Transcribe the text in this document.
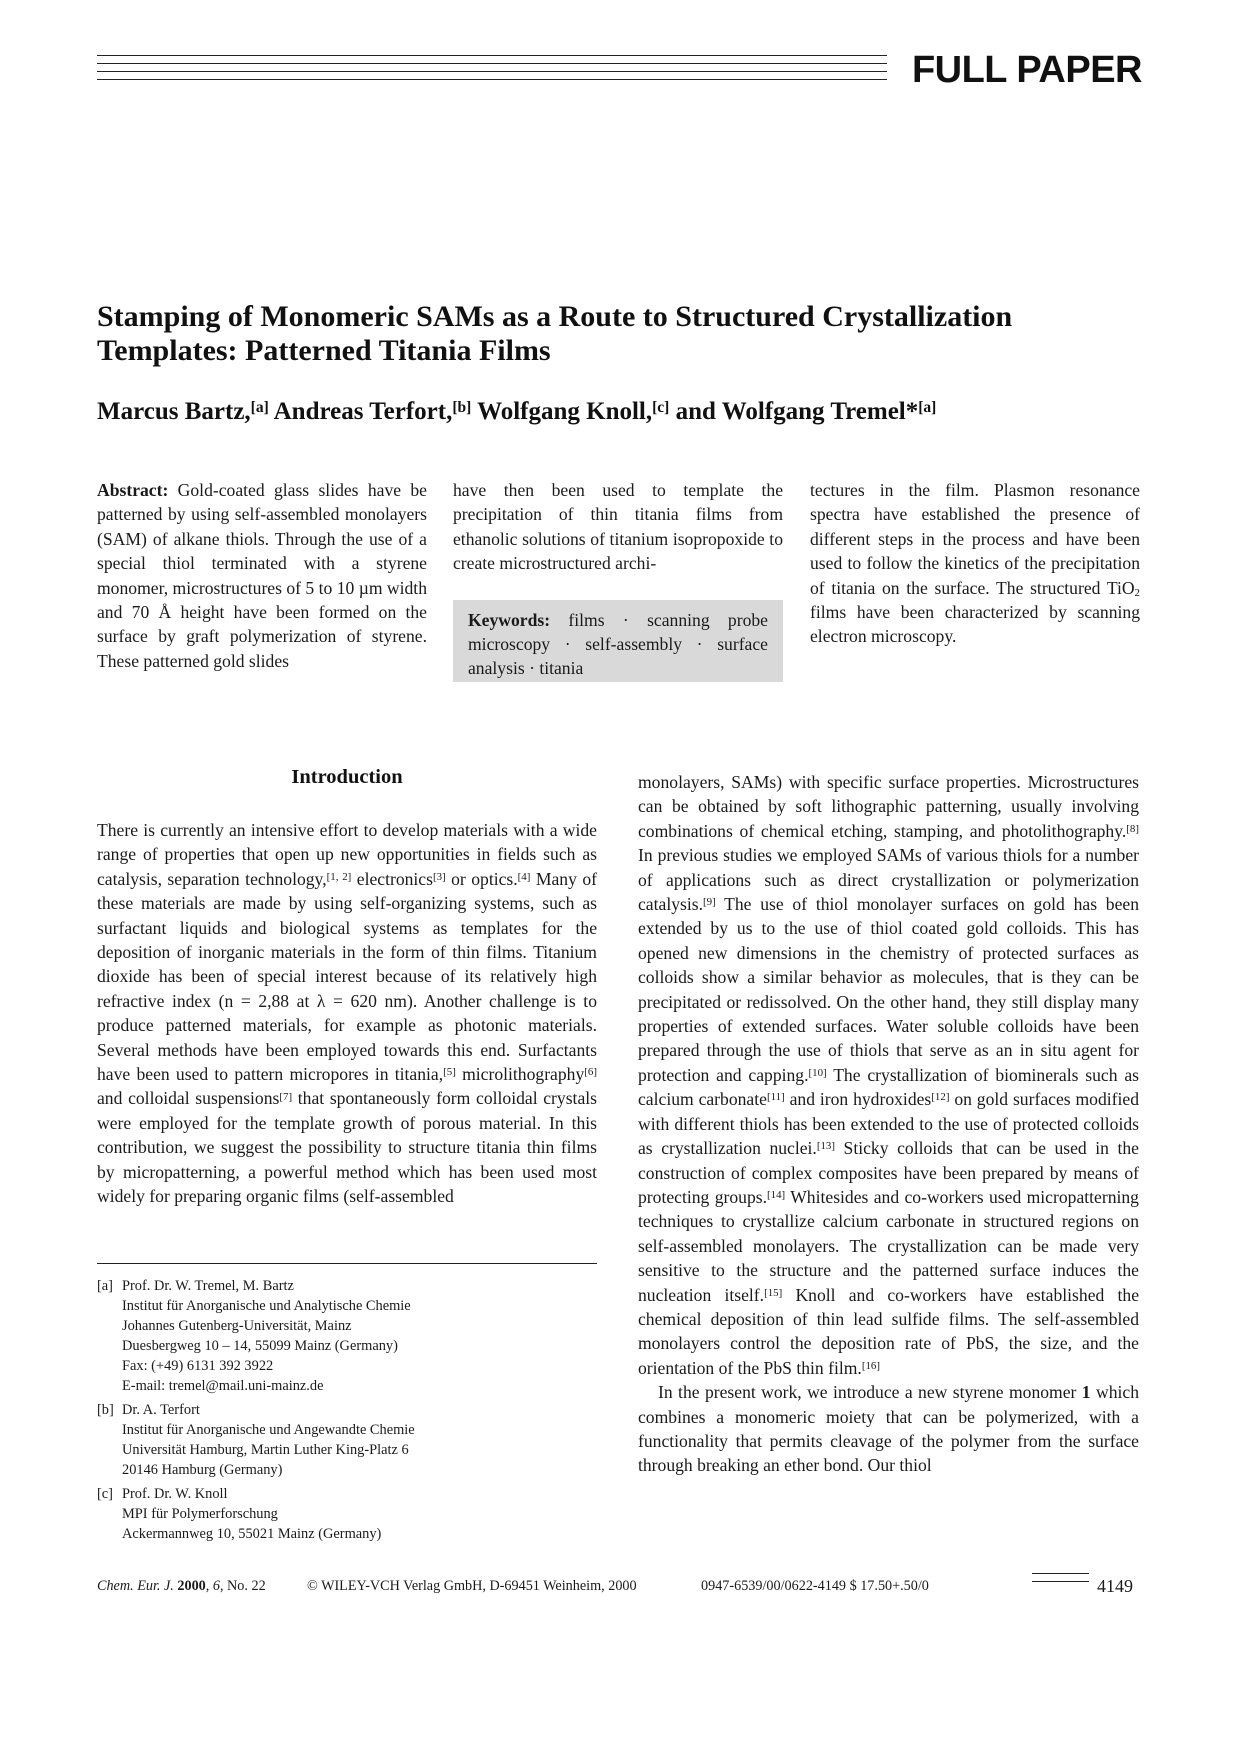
FULL PAPER
Stamping of Monomeric SAMs as a Route to Structured Crystallization
Templates: Patterned Titania Films
Marcus Bartz,[a] Andreas Terfort,[b] Wolfgang Knoll,[c] and Wolfgang Tremel*[a]
Abstract: Gold-coated glass slides have be patterned by using self-assembled monolayers (SAM) of alkane thiols. Through the use of a special thiol terminated with a styrene monomer, microstructures of 5 to 10 µm width and 70 Å height have been formed on the surface by graft polymerization of styrene. These patterned gold slides
have then been used to template the precipitation of thin titania films from ethanolic solutions of titanium isopropoxide to create microstructured archi-
Keywords: films · scanning probe microscopy · self-assembly · surface analysis · titania
tectures in the film. Plasmon resonance spectra have established the presence of different steps in the process and have been used to follow the kinetics of the precipitation of titania on the surface. The structured TiO$_2$ films have been characterized by scanning electron microscopy.
Introduction

There is currently an intensive effort to develop materials with a wide range of properties that open up new opportunities in fields such as catalysis, separation technology,[1, 2] electronics[3] or optics.[4] Many of these materials are made by using self-organizing systems, such as surfactant liquids and biological systems as templates for the deposition of inorganic materials in the form of thin films. Titanium dioxide has been of special interest because of its relatively high refractive index (n = 2,88 at λ = 620 nm). Another challenge is to produce patterned materials, for example as photonic materials. Several methods have been employed towards this end. Surfactants have been used to pattern micropores in titania,[5] microlithography[6] and colloidal suspensions[7] that spontaneously form colloidal crystals were employed for the template growth of porous material. In this contribution, we suggest the possibility to structure titania thin films by micropatterning, a powerful method which has been used most widely for preparing organic films (self-assembled

[a] Prof. Dr. W. Tremel, M. Bartz
Institut für Anorganische und Analytische Chemie
Johannes Gutenberg-Universität, Mainz
Duesbergweg 10 – 14, 55099 Mainz (Germany)
Fax: (+49) 6131 392 3922
E-mail: tremel@mail.uni-mainz.de
[b] Dr. A. Terfort
Institut für Anorganische und Angewandte Chemie
Universität Hamburg, Martin Luther King-Platz 6
20146 Hamburg (Germany)
[c] Prof. Dr. W. Knoll
MPI für Polymerforschung
Ackermannweg 10, 55021 Mainz (Germany)

monolayers, SAMs) with specific surface properties. Microstructures can be obtained by soft lithographic patterning, usually involving combinations of chemical etching, stamping, and photolithography.[8] In previous studies we employed SAMs of various thiols for a number of applications such as direct crystallization or polymerization catalysis.[9] The use of thiol monolayer surfaces on gold has been extended by us to the use of thiol coated gold colloids. This has opened new dimensions in the chemistry of protected surfaces as colloids show a similar behavior as molecules, that is they can be precipitated or redissolved. On the other hand, they still display many properties of extended surfaces. Water soluble colloids have been prepared through the use of thiols that serve as an in situ agent for protection and capping.[10] The crystallization of biominerals such as calcium carbonate[11] and iron hydroxides[12] on gold surfaces modified with different thiols has been extended to the use of protected colloids as crystallization nuclei.[13] Sticky colloids that can be used in the construction of complex composites have been prepared by means of protecting groups.[14] Whitesides and co-workers used micropatterning techniques to crystallize calcium carbonate in structured regions on self-assembled monolayers. The crystallization can be made very sensitive to the structure and the patterned surface induces the nucleation itself.[15] Knoll and co-workers have established the chemical deposition of thin lead sulfide films. The self-assembled monolayers control the deposition rate of PbS, the size, and the orientation of the PbS thin film.[16]

In the present work, we introduce a new styrene monomer 1 which combines a monomeric moiety that can be polymerized, with a functionality that permits cleavage of the polymer from the surface through breaking an ether bond. Our thiol

Chem. Eur. J. 2000, 6 , No. 22	© WILEY-VCH Verlag GmbH, D-69451 Weinheim, 2000	0947-6539/00/0622-4149 $ 17.50+.50/0	4149
